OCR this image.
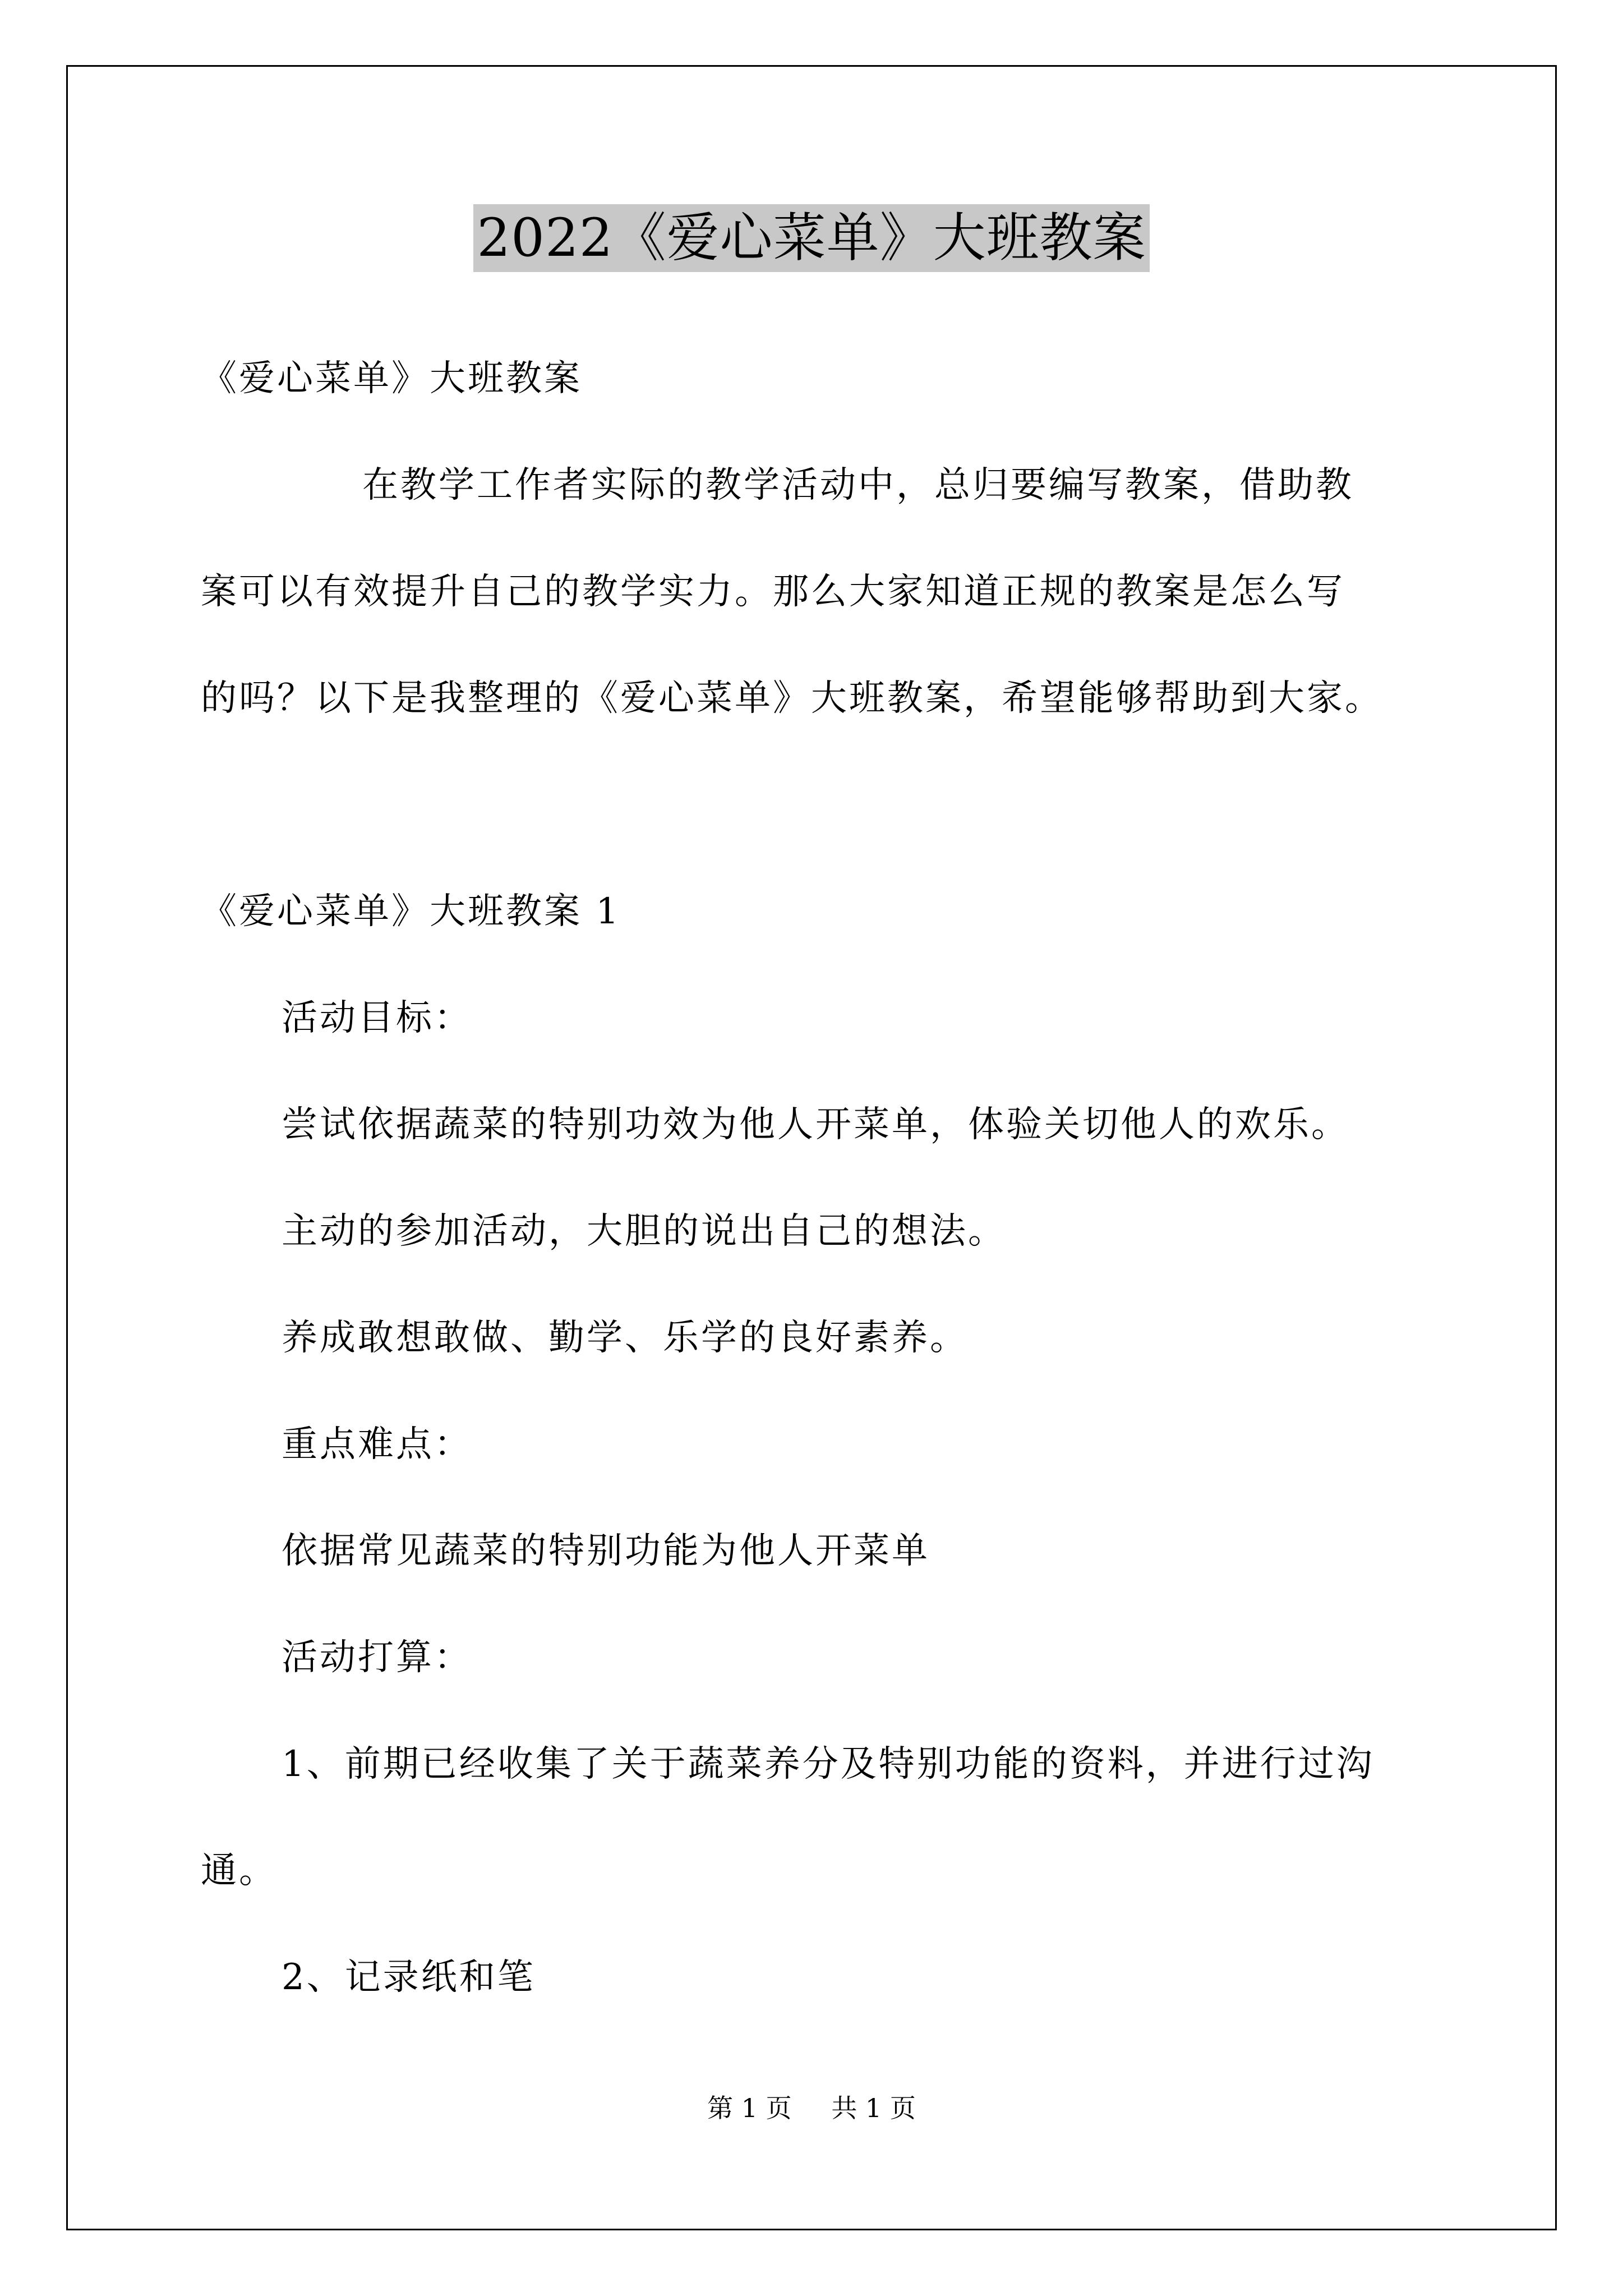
2022《爱心菜单》大班教案
《爱心菜单》大班教案
在教学工作者实际的教学活动中，总归要编写教案，借助教
案可以有效提升自己的教学实力。那么大家知道正规的教案是怎么写
的吗？以下是我整理的《爱心菜单》大班教案，希望能够帮助到大家。
《爱心菜单》大班教案 1
活动目标：
尝试依据蔬菜的特别功效为他人开菜单，体验关切他人的欢乐。
主动的参加活动，大胆的说出自己的想法。
养成敢想敢做、勤学、乐学的良好素养。
重点难点：
依据常见蔬菜的特别功能为他人开菜单
活动打算：
1、前期已经收集了关于蔬菜养分及特别功能的资料，并进行过沟
通。
2、记录纸和笔
第 1 页 共 1 页
